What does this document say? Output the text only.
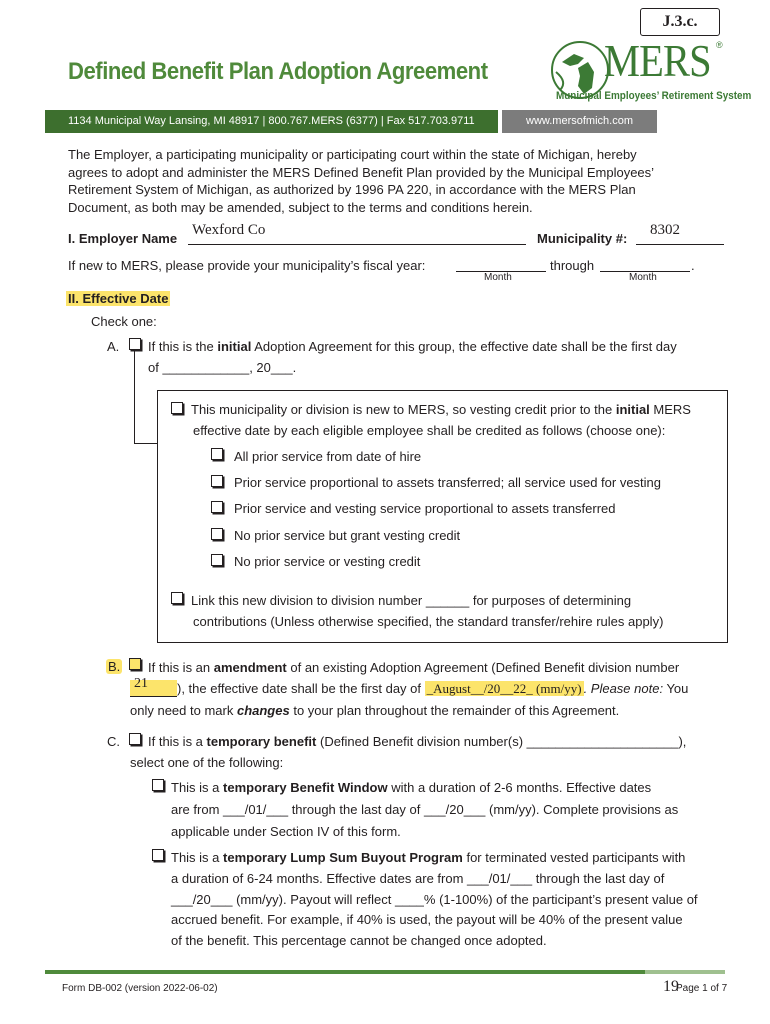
J.3.c.
Defined Benefit Plan Adoption Agreement	MERS ®
Municipal Employees’ Retirement System
1134 Municipal Way Lansing, MI 48917 | 800.767.MERS (6377) | Fax 517.703.9711	www.mersofmich.com
The Employer, a participating municipality or participating court within the state of Michigan, hereby
agrees to adopt and administer the MERS Defined Benefit Plan provided by the Municipal Employees’
Retirement System of Michigan, as authorized by 1996 PA 220, in accordance with the MERS Plan
Document, as both may be amended, subject to the terms and conditions herein.
I. Employer Name
Wexford Co
Municipality #:
8302
If new to MERS, please provide your municipality’s fiscal year:
Month
through
Month
.
II. Effective Date
Check one:
A. If this is the initial Adoption Agreement for this group, the effective date shall be the first day
of ____________, 20___.
This municipality or division is new to MERS, so vesting credit prior to the initial MERS
effective date by each eligible employee shall be credited as follows (choose one):
All prior service from date of hire
Prior service proportional to assets transferred; all service used for vesting
Prior service and vesting service proportional to assets transferred
No prior service but grant vesting credit
No prior service or vesting credit
Link this new division to division number ______ for purposes of determining
contributions (Unless otherwise specified, the standard transfer/rehire rules apply)
B. If this is an amendment of an existing Adoption Agreement (Defined Benefit division number
21 ), the effective date shall be the first day of _August__/20__22_ (mm/yy) . Please note: You
only need to mark changes to your plan throughout the remainder of this Agreement.
C. If this is a temporary benefit (Defined Benefit division number(s) _____________________),
select one of the following:
This is a temporary Benefit Window with a duration of 2-6 months. Effective dates
are from ___/01/___ through the last day of ___/20___ (mm/yy). Complete provisions as
applicable under Section IV of this form.
This is a temporary Lump Sum Buyout Program for terminated vested participants with
a duration of 6-24 months. Effective dates are from ___/01/___ through the last day of
___/20___ (mm/yy). Payout will reflect ____% (1-100%) of the participant’s present value of
accrued benefit. For example, if 40% is used, the payout will be 40% of the present value
of the benefit. This percentage cannot be changed once adopted.
Form DB-002 (version 2022-06-02)	19
Page 1 of 7
